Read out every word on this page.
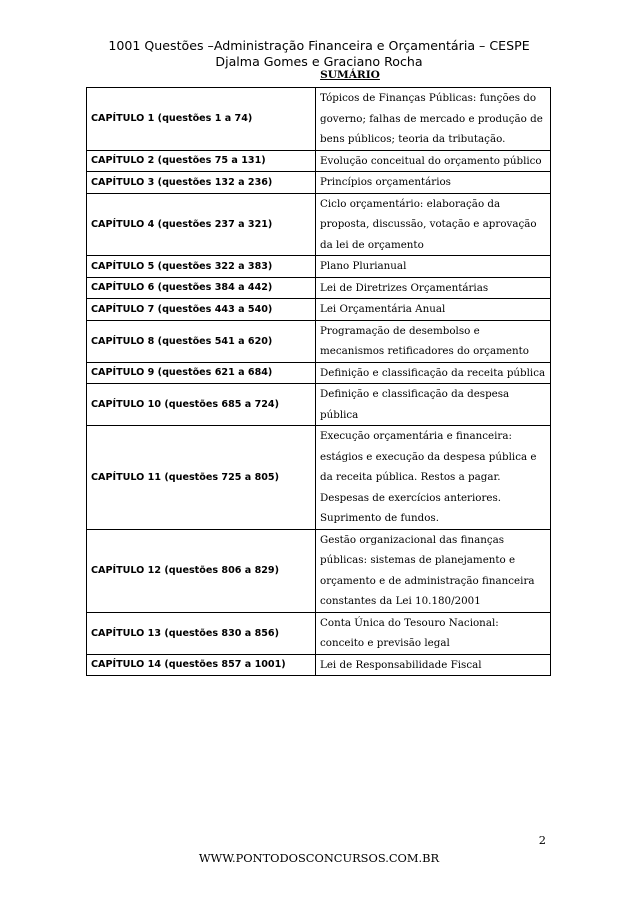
1001 Questões –Administração Financeira e Orçamentária – CESPE
Djalma Gomes e Graciano Rocha
SUMÁRIO
CAPÍTULO 1 (questões 1 a 74)	Tópicos de Finanças Públicas: funções do governo; falhas de mercado e produção de bens públicos; teoria da tributação.
CAPÍTULO 2 (questões 75 a 131)	Evolução conceitual do orçamento público
CAPÍTULO 3 (questões 132 a 236)	Princípios orçamentários
CAPÍTULO 4 (questões 237 a 321)	Ciclo orçamentário: elaboração da proposta, discussão, votação e aprovação da lei de orçamento
CAPÍTULO 5 (questões 322 a 383)	Plano Plurianual
CAPÍTULO 6 (questões 384 a 442)	Lei de Diretrizes Orçamentárias
CAPÍTULO 7 (questões 443 a 540)	Lei Orçamentária Anual
CAPÍTULO 8 (questões 541 a 620)	Programação de desembolso e mecanismos retificadores do orçamento
CAPÍTULO 9 (questões 621 a 684)	Definição e classificação da receita pública
CAPÍTULO 10 (questões 685 a 724)	Definição e classificação da despesa pública
CAPÍTULO 11 (questões 725 a 805)	Execução orçamentária e financeira: estágios e execução da despesa pública e da receita pública. Restos a pagar. Despesas de exercícios anteriores. Suprimento de fundos.
CAPÍTULO 12 (questões 806 a 829)	Gestão organizacional das finanças públicas: sistemas de planejamento e orçamento e de administração financeira constantes da Lei 10.180/2001
CAPÍTULO 13 (questões 830 a 856)	Conta Única do Tesouro Nacional: conceito e previsão legal
CAPÍTULO 14 (questões 857 a 1001)	Lei de Responsabilidade Fiscal
2
WWW.PONTODOSCONCURSOS.COM.BR
